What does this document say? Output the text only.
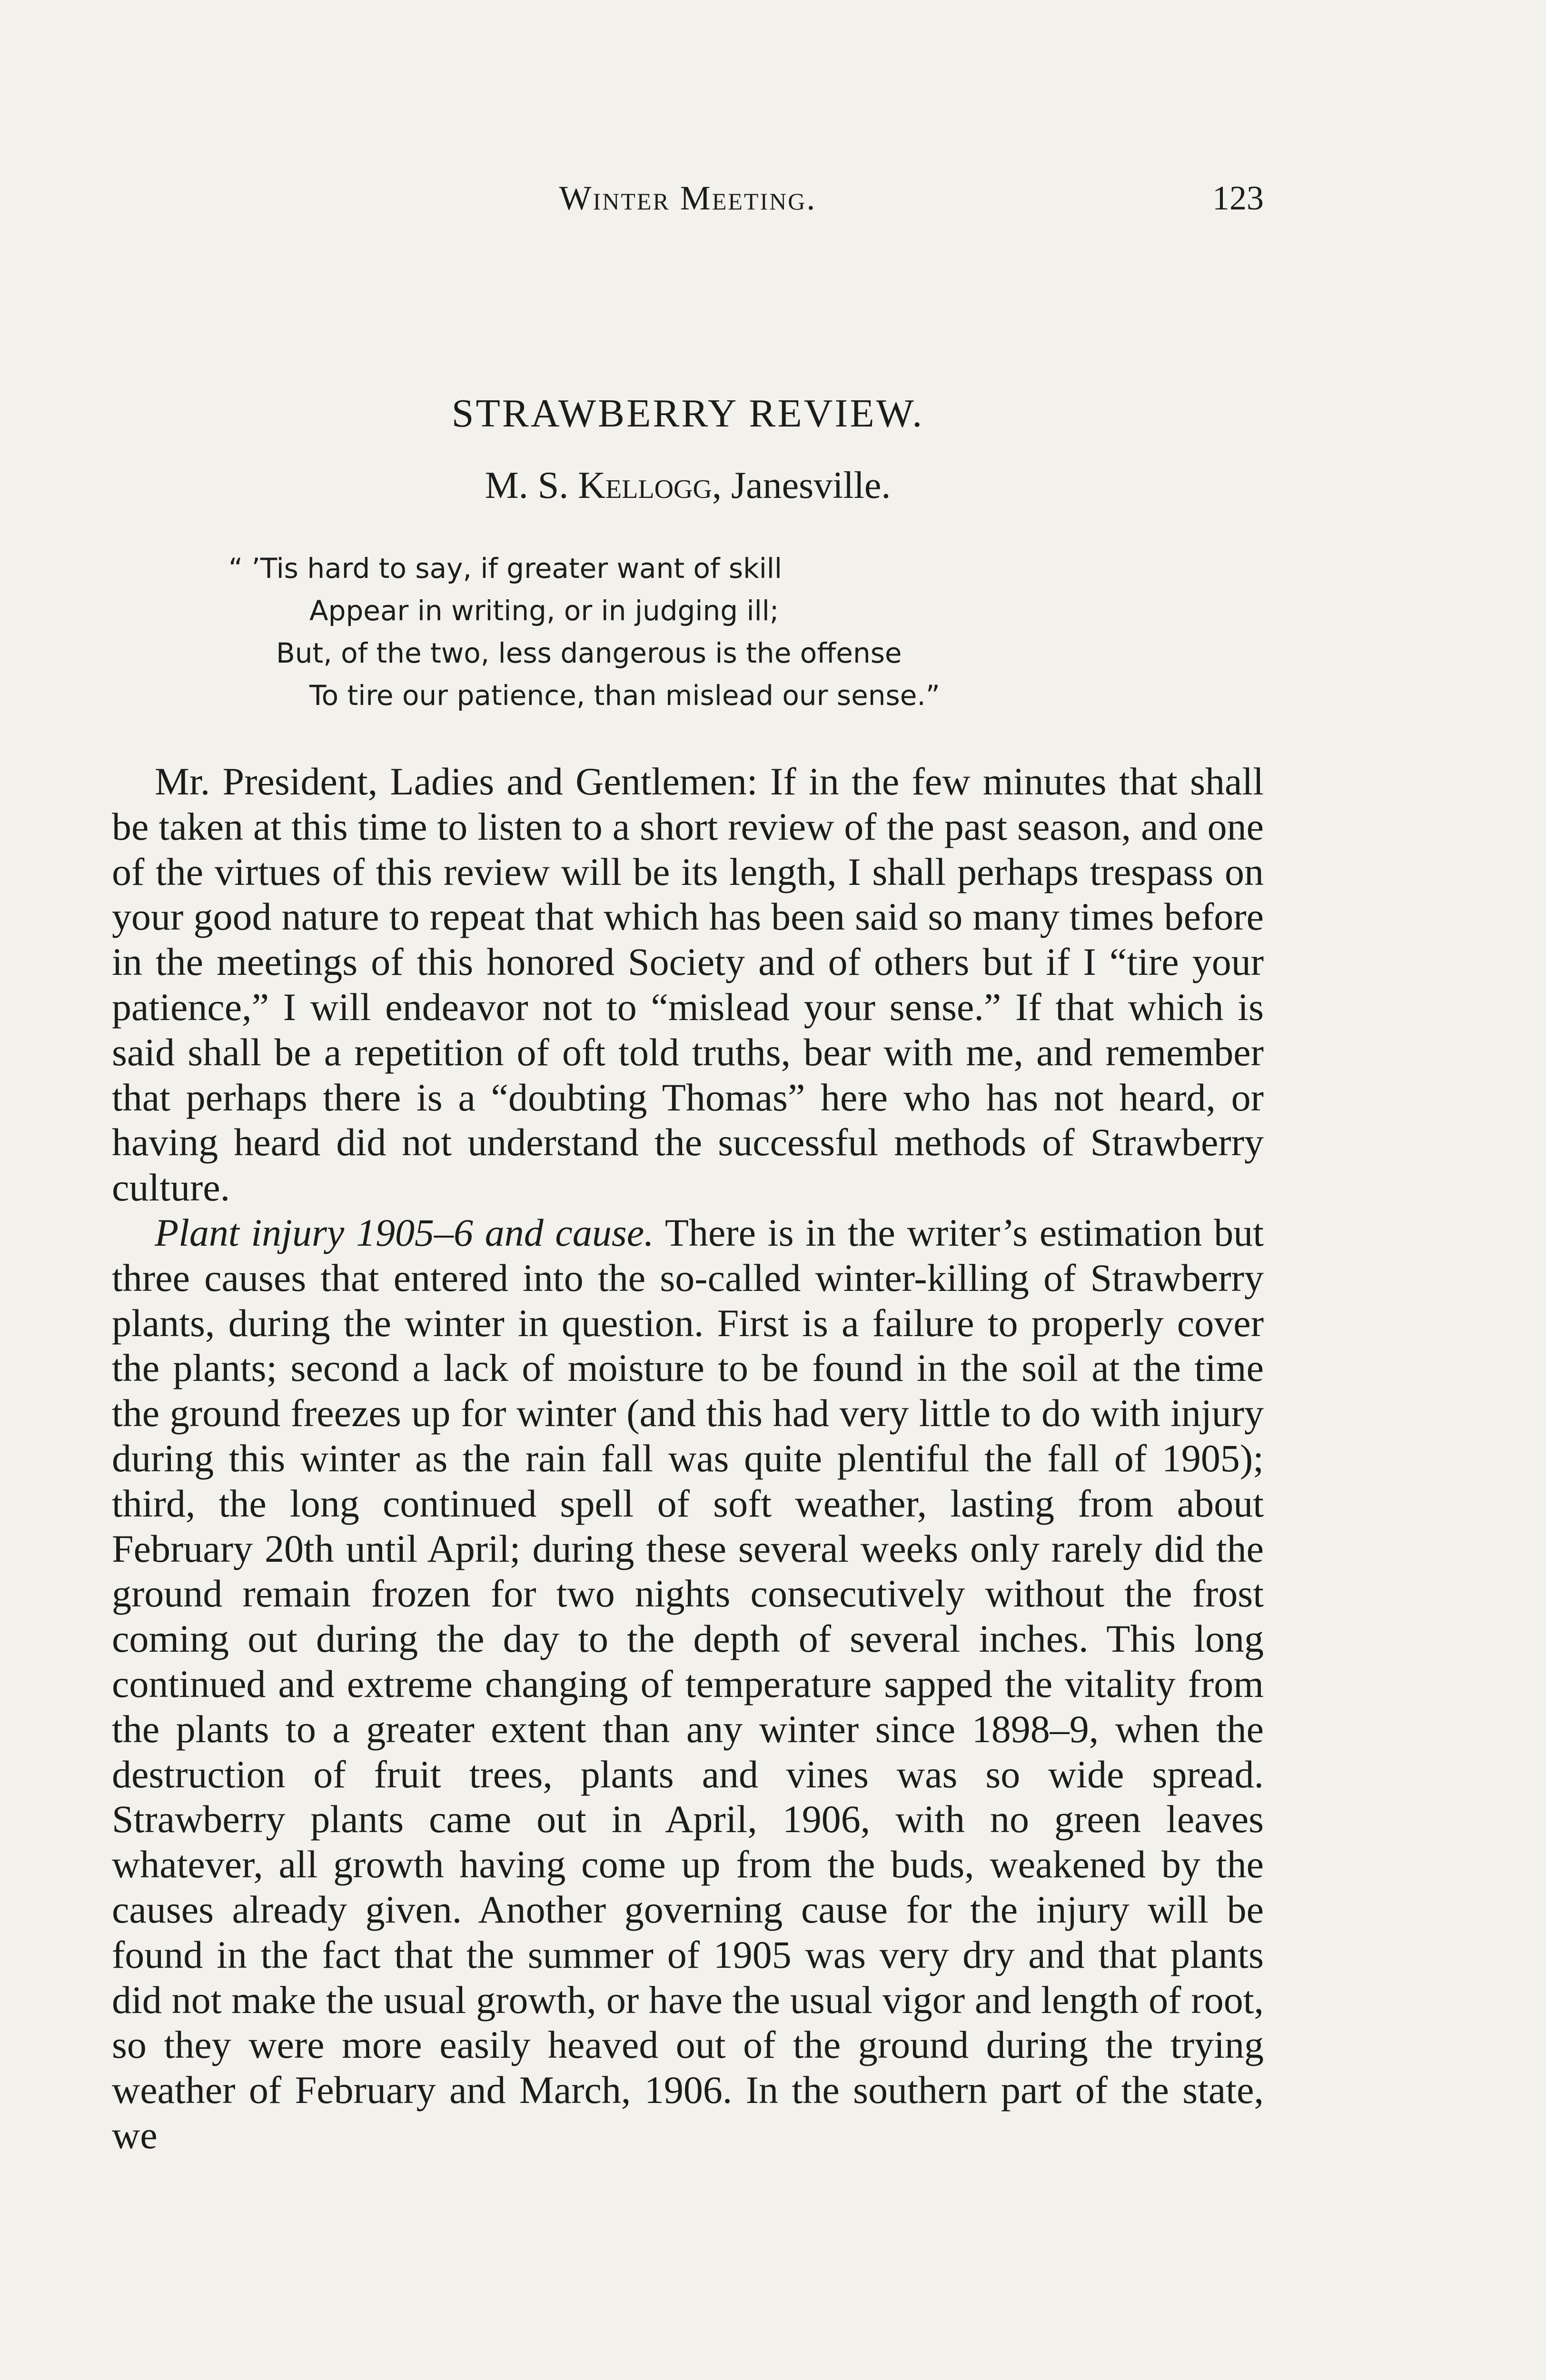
Winter Meeting.	123
STRAWBERRY REVIEW.
M. S. Kellogg, Janesville.
“ ’Tis hard to say, if greater want of skill
Appear in writing, or in judging ill;
But, of the two, less dangerous is the offense
To tire our patience, than mislead our sense.”

Mr. President, Ladies and Gentlemen: If in the few minutes that shall be taken at this time to listen to a short review of the past season, and one of the virtues of this review will be its length, I shall perhaps trespass on your good nature to repeat that which has been said so many times before in the meetings of this honored Society and of others but if I “tire your patience,” I will endeavor not to “mislead your sense.” If that which is said shall be a repetition of oft told truths, bear with me, and remember that perhaps there is a “doubting Thomas” here who has not heard, or having heard did not understand the successful methods of Strawberry culture.

Plant injury 1905–6 and cause. There is in the writer’s estimation but three causes that entered into the so-called winter-killing of Strawberry plants, during the winter in question. First is a failure to properly cover the plants; second a lack of moisture to be found in the soil at the time the ground freezes up for winter (and this had very little to do with injury during this winter as the rain fall was quite plentiful the fall of 1905); third, the long continued spell of soft weather, lasting from about February 20th until April; during these several weeks only rarely did the ground remain frozen for two nights consecutively without the frost coming out during the day to the depth of several inches. This long continued and extreme changing of temperature sapped the vitality from the plants to a greater extent than any winter since 1898–9, when the destruction of fruit trees, plants and vines was so wide spread. Strawberry plants came out in April, 1906, with no green leaves whatever, all growth having come up from the buds, weakened by the causes already given. Another governing cause for the injury will be found in the fact that the summer of 1905 was very dry and that plants did not make the usual growth, or have the usual vigor and length of root, so they were more easily heaved out of the ground during the trying weather of February and March, 1906. In the southern part of the state, we
